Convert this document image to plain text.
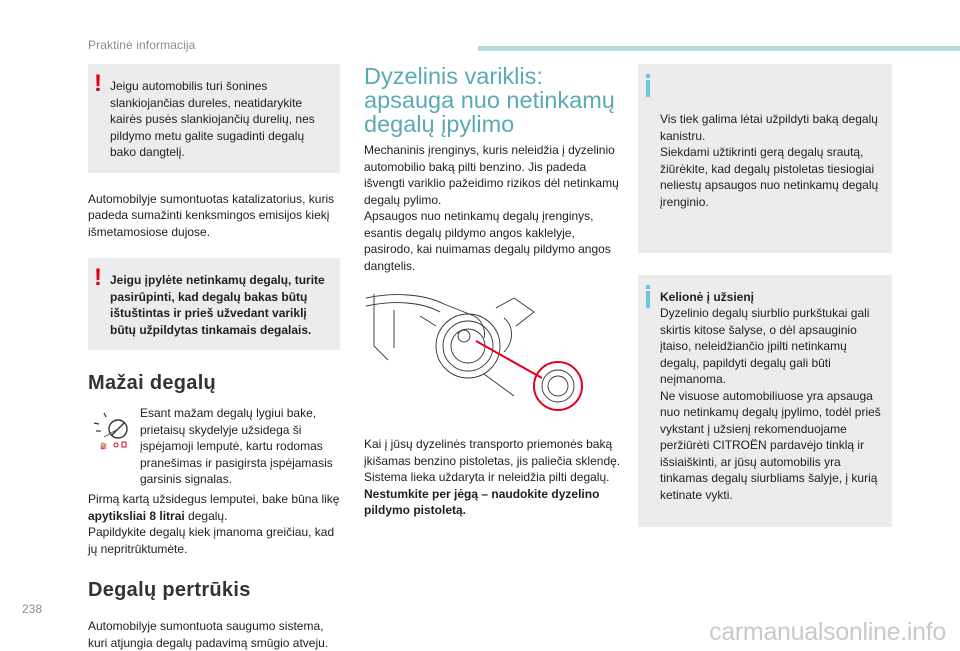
Praktinė informacija
! Jeigu automobilis turi šonines slankiojančias dureles, neatidarykite kairės pusės slankiojančių durelių, nes pildymo metu galite sugadinti degalų bako dangtelį.

Automobilyje sumontuotas katalizatorius, kuris padeda sumažinti kenksmingos emisijos kiekį išmetamosiose dujose.

! Jeigu įpylėte netinkamų degalų, turite pasirūpinti, kad degalų bakas būtų ištuštintas ir prieš užvedant variklį būtų užpildytas tinkamais degalais.
Mažai degalų
⛽

Esant mažam degalų lygiui bake, prietaisų skydelyje užsidega ši įspėjamoji lemputė, kartu rodomas pranešimas ir pasigirsta įspėjamasis garsinis signalas.

Pirmą kartą užsidegus lemputei, bake būna likę apytiksliai 8 litrai degalų.

Papildykite degalų kiek įmanoma greičiau, kad jų nepritrūktumėte.

Degalų pertrūkis

Automobilyje sumontuota saugumo sistema, kuri atjungia degalų padavimą smūgio atveju.

Dyzelinis variklis: apsauga nuo netinkamų degalų įpylimo

Mechaninis įrenginys, kuris neleidžia į dyzelinio automobilio baką pilti benzino. Jis padeda išvengti variklio pažeidimo rizikos dėl netinkamų degalų pylimo.
Apsaugos nuo netinkamų degalų įrenginys, esantis degalų pildymo angos kaklelyje, pasirodo, kai nuimamas degalų pildymo angos dangtelis.

Kai į jūsų dyzelinės transporto priemonės baką įkišamas benzino pistoletas, jis paliečia sklendę. Sistema lieka uždaryta ir neleidžia pilti degalų.

Nestumkite per jėgą – naudokite dyzelino pildymo pistoletą.

Vis tiek galima lėtai užpildyti baką degalų kanistru.
Siekdami užtikrinti gerą degalų srautą, žiūrėkite, kad degalų pistoletas tiesiogiai neliestų apsaugos nuo netinkamų degalų įrenginio.

Kelionė į užsienį
Dyzelinio degalų siurblio purkštukai gali skirtis kitose šalyse, o dėl apsauginio įtaiso, neleidžiančio įpilti netinkamų degalų, papildyti degalų gali būti neįmanoma.
Ne visuose automobiliuose yra apsauga nuo netinkamų degalų įpylimo, todėl prieš vykstant į užsienį rekomenduojame peržiūrėti CITROËN pardavėjo tinklą ir išsiaiškinti, ar jūsų automobilis yra tinkamas degalų siurbliams šalyje, į kurią ketinate vykti.
238
carmanualsonline.info
